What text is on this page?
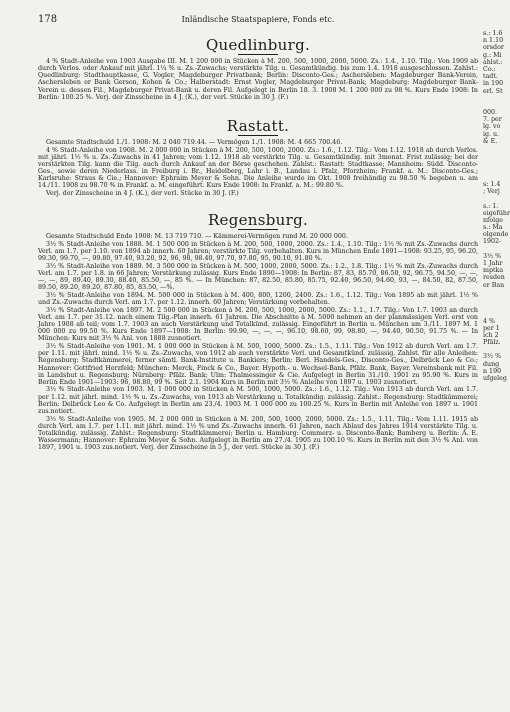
178	Inländische Staatspapiere, Fonds etc.
Quedlinburg.

4 % Stadt-Anleihe von 1903 Ausgabe III. M. 1 200 000 in Stücken à M. 200, 500, 1000, 2000, 5000. Zs.: 1.4., 1.10. Tilg.: Von 1909 ab durch Verlos. oder Ankauf mit jährl. 1¼ % u. Zs.-Zuwachs; verstärkte Tilg. u. Gesamtkündig. bis zum 1.4. 1918 ausgeschlossen. Zahlst.: Quedlinburg: Stadthauptkasse, G. Vogler, Magdeburger Privatbank; Berlin: Disconto-Ges.; Aschersleben: Magdeburger Bank-Verein, Aschersleben er Bank Gerson, Kohen & Co.; Halberstadt: Ernst Vogler, Magdeburger Privat-Bank; Magdeburg: Magdeburger Bank-Verein u. dessen Fil., Magdeburger Privat-Bank u. deren Fil. Aufgelegt in Berlin 18. 3. 1908 M. 1 200 000 zu 98 %. Kurs Ende 1908: In Berlin: 100.25 %. Verj. der Zinsscheine in 4 J. (K.), der verl. Stücke in 30 J. (F.)

Rastatt.

Gesamte Stadtschuld 1./1. 1908: M. 2 040 719.44. — Vermögen 1./1. 1908: M. 4 665 700.46.

4 % Stadt-Anleihe von 1908. M. 2 000 000 in Stücken à M. 200, 500, 1000, 2000. Zs.: 1.6., 1.12. Tilg.: Vom 1.12. 1918 ab durch Verlos. mit jährl. 1½ % u. Zs.-Zuwachs in 41 Jahren; vom 1.12. 1918 ab verstärkte Tilg. u. Gesamtkündig. mit 3monat. Frist zulässig; bei der verstärkten Tilg. kann die Tilg. auch durch Ankauf an der Börse geschehen. Zahlst.: Rastatt: Stadtkasse; Mannheim: Südd. Disconto-Ges., sowie deren Niederlass. in Freiburg i. Br., Heidelberg, Lahr i. B., Landau i. Pfalz, Pforzheim; Frankf. a. M.: Disconto-Ges.; Karlsruhe: Straus & Cie.; Hannover: Ephraim Meyer & Sohn. Die Anleihe wurde im Okt. 1908 freihändig zu 98.50 % begeben u. am 14./11. 1908 zu 98.70 % in Frankf. a. M. eingeführt. Kurs Ende 1908: In Frankf. a. M.: 99.80 %.

Verj. der Zinsscheine in 4 J. (K.), der verl. Stücke in 30 J. (F.)

Regensburg.

Gesamte Stadtschuld Ende 1908: M. 13 719 710. — Kämmerei-Vermögen rund M. 20 000 000.

3½ % Stadt-Anleihe von 1888. M. 1 500 000 in Stücken à M. 200, 500, 1000, 2000. Zs.: 1.4., 1.10. Tilg.: 1½ % mit Zs.-Zuwachs durch Verl. am 1.7. per 1.10. von 1894 ab innerh. 60 Jahren; verstärkte Tilg. vorbehalten. Kurs in München Ende 1891—1908: 93.25, 95, 96.20, 99.30, 99.70, —, 99.80, 97.40, 93.20, 92, 96, 98, 98.40, 97.70, 97.80, 95, 90.10, 91.80 %.

3½ % Stadt-Anleihe von 1889. M. 3 500 000 in Stücken à M. 500, 1000, 2000, 5000. Zs.: 1.2., 1.8. Tilg.: 1½ % mit Zs.-Zuwachs durch Verl. am 1.7. per 1.8. in 66 Jahren; Verstärkung zulässig. Kurs Ende 1890—1908: In Berlin: 87, 83, 85.70, 86.50, 92, 96.75, 94.50, —, —, —, —, 89, 89.40, 89.30, 88.40, 85.50, —, 85 %. — In München: 87, 82.50, 85.80, 85.75, 92.40, 96.50, 94.60, 93, —, 84.50, 82, 87.50, 89.50, 89.20, 89.20, 87.80, 85, 83.50, —%.

3½ % Stadt-Anleihe von 1894. M. 500 000 in Stücken à M. 400, 800, 1200, 2400. Zs.: 1.6., 1.12. Tilg.: Von 1895 ab mit jährl. 1½ % und Zs.-Zuwachs durch Verl. am 1.7. per 1.12. innerh. 60 Jahren; Verstärkung vorbehalten.

3½ % Stadt-Anleihe von 1897. M. 2 500 000 in Stücken à M. 200, 500, 1000, 2000, 5000. Zs.: 1.1., 1.7. Tilg.: Von 1.7. 1903 an durch Verl. am 1.7. per 31.12. nach einem Tilg.-Plan innerh. 61 Jahren. Die Abschnitte à M. 5000 nehmen an der planmässigen Verl. erst von Jahre 1908 ab teil; vom 1.7. 1903 an auch Verstärkung und Totalkünd. zulässig. Eingeführt in Berlin u. München am 3./11. 1897 M. 1 000 000 zu 99.50 %. Kurs Ende 1897—1908: In Berlin: 99.90, —, —, —, 96.10, 98.60, 99, 98.80, —, 94.40, 90.50, 91.75 %. — In München: Kurs mit 3½ % Anl. von 1888 zusnotiert.

3½ % Stadt-Anleihe von 1901. M. 1 000 000 in Stücken à M. 500, 1000, 5000. Zs.: 1.5., 1.11. Tilg.: Von 1912 ab durch Verl. am 1.7. per 1.11. mit jährl. mind. 1½ % u. Zs.-Zuwachs, von 1912 ab auch verstärkte Verl. und Gesamtkünd. zulässig. Zahlst. für alle Anleihen: Regensburg: Stadtkämmerei, ferner sämtl. Bank-Institute u. Bankiers; Berlin: Berl. Handels-Ges., Disconto-Ges., Delbrück Leo & Co.; Hannover: Gottfried Herzfeld; München: Merck, Finck & Co., Bayer. Hypoth.- u. Wechsel-Bank, Pfälz. Bank, Bayer. Vereinsbank mit Fil. in Landshut u. Regensburg; Nürnberg: Pfälz. Bank; Ulm: Thalmessinger & Cie. Aufgelegt in Berlin 31./10. 1901 zu 95.90 %. Kurs in Berlin Ende 1901—1903: 96, 98.80, 99 %. Seit 2.1. 1904 Kurs in Berlin mit 3½ % Anleihe von 1897 u. 1903 zusnotiert.

3½ % Stadt-Anleihe von 1903. M. 1 000 000 in Stücken à M. 500, 1000, 5000. Zs.: 1.6., 1.12. Tilg.: Von 1913 ab durch Verl. am 1.7. per 1.12. mit jährl. mind. 1½ % u. Zs.-Zuwachs, von 1913 ab Verstärkung u. Totalkündig. zulässig. Zahlst.: Regensburg: Stadtkämmerei; Berlin: Delbrück Leo & Co. Aufgelegt in Berlin am 23./4. 1903 M. 1 000 000 zu 100.25 %. Kurs in Berlin mit Anleihe von 1897 u. 1901 zus.notiert.

3½ % Stadt-Anleihe von 1905. M. 2 000 000 in Stücken à M. 200, 500, 1000, 2000, 5000. Zs.: 1.5., 1.11. Tilg.: Vom 1.11. 1915 ab durch Verl. am 1.7. per 1.11. mit jährl. mind. 1½ % und Zs.-Zuwachs innerh. 61 Jahren, nach Ablauf des Jahres 1914 verstärkte Tilg. u. Totalkündig. zulässig. Zahlst.: Regensburg: Stadtkämmerei; Berlin u. Hamburg: Commerz- u. Disconto-Bank; Bamberg u. Berlin: A. E. Wassermann; Hannover: Ephraim Meyer & Sohn. Aufgelegt in Berlin am 27./4. 1905 zu 100.10 %. Kurs in Berlin mit den 3½ % Anl. von 1897, 1901 u. 1903 zus.notiert. Verj. der Zinsscheine in 5 J., der verl. Stücke in 30 J. (F.)

s.: 1.6
n 1.10
orsdor
g.: Mi
ahlst.:
Co.:
tadt.
in 190
erl. St
000.
7. per
lg. vo
ig. u.
& E.
s: 1.4
; Verj
s.: 1.
eigeführ
nfolge
s.: Ma
olgende
1902-
3½ %
1 Jahr
mptka
resden
er Ban
4 %
per 1
ich 2
Pfälz.
3½ %
dung
n 190
ufgeleg
